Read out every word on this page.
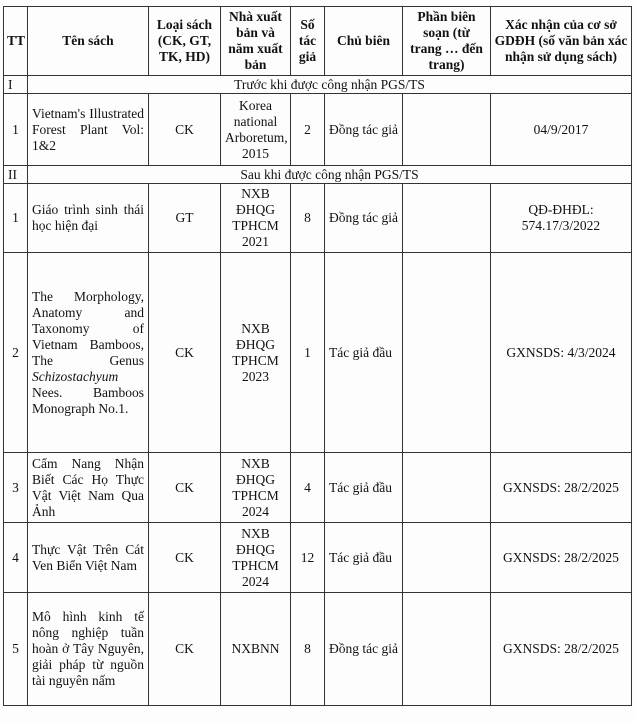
TT	Tên sách	Loại sách (CK, GT, TK, HD)	Nhà xuất bản và năm xuất bản	Số tác giả	Chủ biên	Phần biên soạn (từ trang … đến trang)	Xác nhận của cơ sở GDĐH (số văn bản xác nhận sử dụng sách)
I	Trước khi được công nhận PGS/TS						
1	Vietnam's Illustrated Forest Plant Vol: 1&2	CK	Korea national Arboretum, 2015	2	Đồng tác giả		04/9/2017
II	Sau khi được công nhận PGS/TS						
1	Giáo trình sinh thái học hiện đại	GT	NXB ĐHQG TPHCM 2021	8	Đồng tác giả		QĐ-ĐHĐL: 574.17/3/2022
2	The Morphology, Anatomy and Taxonomy of Vietnam Bamboos, The Genus Schizostachyum Nees. Bamboos Monograph No.1.	CK	NXB ĐHQG TPHCM 2023	1	Tác giả đầu		GXNSDS: 4/3/2024
3	Cẩm Nang Nhận Biết Các Họ Thực Vật Việt Nam Qua Ảnh	CK	NXB ĐHQG TPHCM 2024	4	Tác giả đầu		GXNSDS: 28/2/2025
4	Thực Vật Trên Cát Ven Biển Việt Nam	CK	NXB ĐHQG TPHCM 2024	12	Tác giả đầu		GXNSDS: 28/2/2025
5	Mô hình kinh tế nông nghiệp tuần hoàn ở Tây Nguyên, giải pháp từ nguồn tài nguyên nấm	CK	NXBNN	8	Đồng tác giả		GXNSDS: 28/2/2025
